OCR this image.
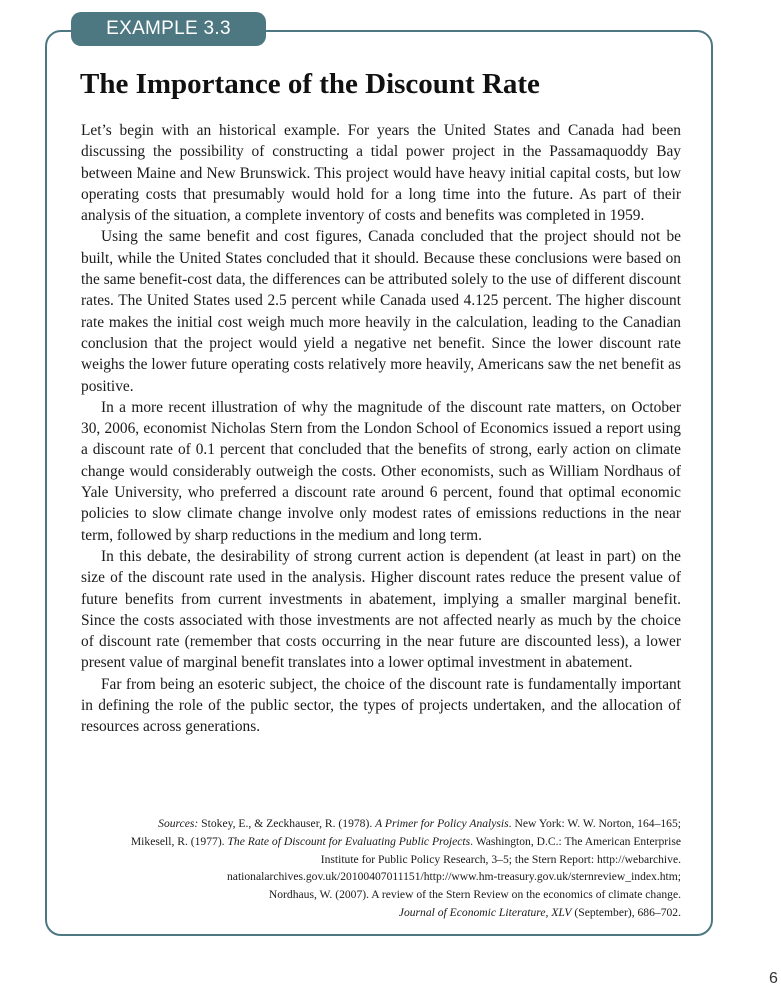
EXAMPLE 3.3
The Importance of the Discount Rate

Let’s begin with an historical example. For years the United States and Canada had been discussing the possibility of constructing a tidal power project in the Passamaquoddy Bay between Maine and New Brunswick. This project would have heavy initial capital costs, but low operating costs that presumably would hold for a long time into the future. As part of their analysis of the situation, a complete inventory of costs and benefits was completed in 1959.

Using the same benefit and cost figures, Canada concluded that the project should not be built, while the United States concluded that it should. Because these conclusions were based on the same benefit-cost data, the differences can be attributed solely to the use of different discount rates. The United States used 2.5 percent while Canada used 4.125 percent. The higher discount rate makes the initial cost weigh much more heavily in the calculation, leading to the Canadian conclusion that the project would yield a negative net benefit. Since the lower discount rate weighs the lower future operating costs relatively more heavily, Americans saw the net benefit as positive.

In a more recent illustration of why the magnitude of the discount rate matters, on October 30, 2006, economist Nicholas Stern from the London School of Economics issued a report using a discount rate of 0.1 percent that concluded that the benefits of strong, early action on climate change would considerably outweigh the costs. Other economists, such as William Nordhaus of Yale University, who preferred a discount rate around 6 percent, found that optimal economic policies to slow climate change involve only modest rates of emissions reductions in the near term, followed by sharp reductions in the medium and long term.

In this debate, the desirability of strong current action is dependent (at least in part) on the size of the discount rate used in the analysis. Higher discount rates reduce the present value of future benefits from current investments in abatement, implying a smaller marginal benefit. Since the costs associated with those investments are not affected nearly as much by the choice of discount rate (remember that costs occurring in the near future are discounted less), a lower present value of marginal benefit translates into a lower optimal investment in abatement.

Far from being an esoteric subject, the choice of the discount rate is fundamentally important in defining the role of the public sector, the types of projects undertaken, and the allocation of resources across generations.

Sources: Stokey, E., & Zeckhauser, R. (1978). A Primer for Policy Analysis. New York: W. W. Norton, 164–165; Mikesell, R. (1977). The Rate of Discount for Evaluating Public Projects. Washington, D.C.: The American Enterprise Institute for Public Policy Research, 3–5; the Stern Report: http://webarchive.
nationalarchives.gov.uk/20100407011151/http://www.hm-treasury.gov.uk/sternreview_index.htm;
Nordhaus, W. (2007). A review of the Stern Review on the economics of climate change.
Journal of Economic Literature, XLV (September), 686–702.
6
